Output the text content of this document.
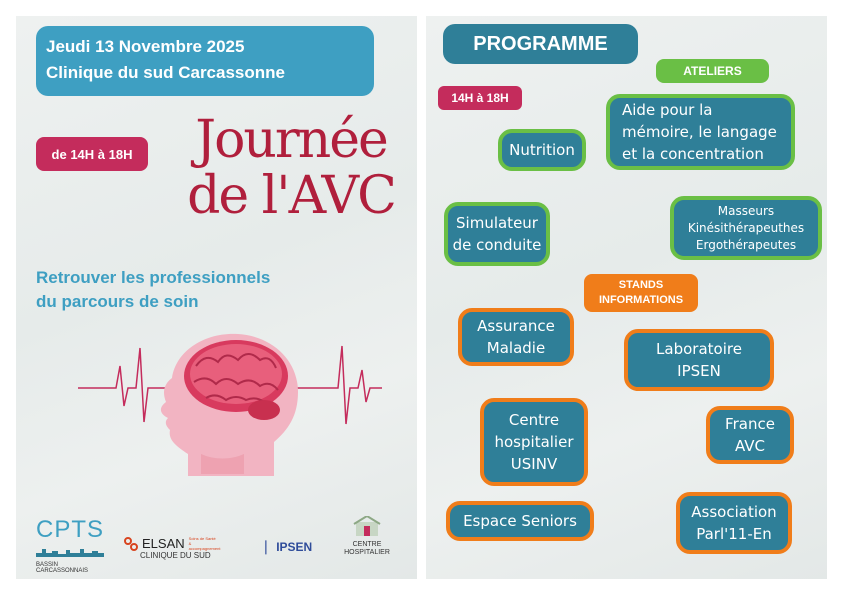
Jeudi 13 Novembre 2025
Clinique du sud Carcassonne
de 14H à 18H	Journée
de l'AVC
Retrouver les professionnels
du parcours de soin
CPTS
BASSIN CARCASSONNAIS
ELSAN Soins de Santé & accompagnement
CLINIQUE DU SUD
❘ IPSEN	CENTRE HOSPITALIER
PROGRAMME
ATELIERS
14H à 18H
Nutrition
Aide pour la
mémoire, le langage
et la concentration
Simulateur
de conduite
Masseurs
Kinésithérapeuthes
Ergothérapeutes
STANDS
INFORMATIONS
Assurance
Maladie	Laboratoire
IPSEN
Centre
hospitalier
USINV
France
AVC
Espace Seniors	Association
Parl'11-En
